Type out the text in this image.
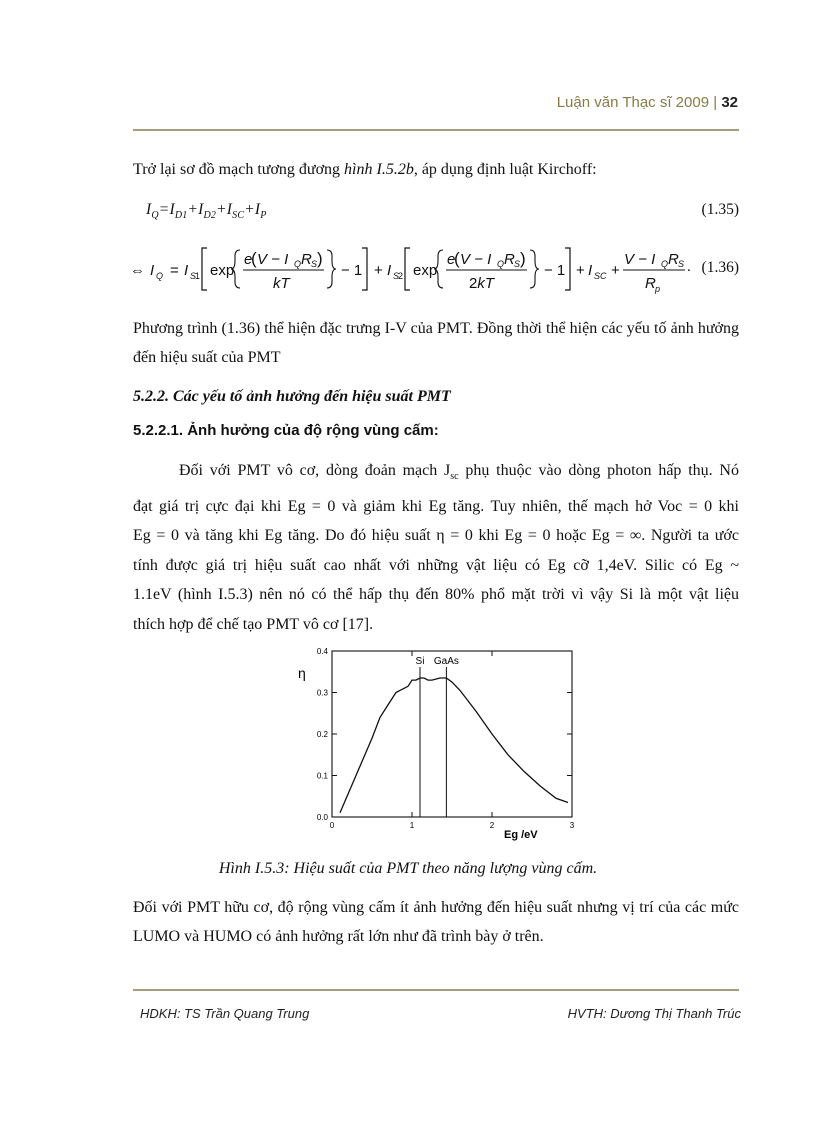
Luận văn Thạc sĩ 2009 | 32
Trở lại sơ đồ mạch tương đương hình I.5.2b, áp dụng định luật Kirchoff:
$I_Q=I_{D1}+I_{D2}+I_{SC}+I_P$	(1.35)
⇔ I Q = I S
1 exp
e
( V − I Q R S )
kT
− 1 + I S
2 exp
e
( V − I Q R S )
2kT
− 1 + I SC +
V − I Q R S
R p
. (1.36)
Phương trình (1.36) thể hiện đặc trưng I-V của PMT. Đồng thời thể hiện các yếu tố ảnh hưởng đến hiệu suất của PMT
5.2.2. Các yếu tố ảnh hưởng đến hiệu suất PMT
5.2.2.1. Ảnh hưởng của độ rộng vùng cấm:
Đối với PMT vô cơ, dòng đoản mạch $J_{sc}$ phụ thuộc vào dòng photon hấp thụ. Nó
đạt giá trị cực đại khi Eg = 0 và giảm khi Eg tăng. Tuy nhiên, thế mạch hở Voc = 0 khi
Eg = 0 và tăng khi Eg tăng. Do đó hiệu suất η = 0 khi Eg = 0 hoặc Eg = ∞. Người ta ước
tính được giá trị hiệu suất cao nhất với những vật liệu có Eg cỡ 1,4eV. Silic có Eg ~
1.1eV (hình I.5.3) nên nó có thể hấp thụ đến 80% phổ mặt trời vì vậy Si là một vật liệu
thích hợp để chế tạo PMT vô cơ [17].
0.0
0.1
0.2
0.3
0.4
0	1	2	3
Si GaAs
η
Eg /eV
Hình I.5.3: Hiệu suất của PMT theo năng lượng vùng cấm.
Đối với PMT hữu cơ, độ rộng vùng cấm ít ảnh hưởng đến hiệu suất nhưng vị trí của các mức LUMO và HUMO có ảnh hưởng rất lớn như đã trình bày ở trên.
HDKH: TS Trần Quang Trung	HVTH: Dương Thị Thanh Trúc
